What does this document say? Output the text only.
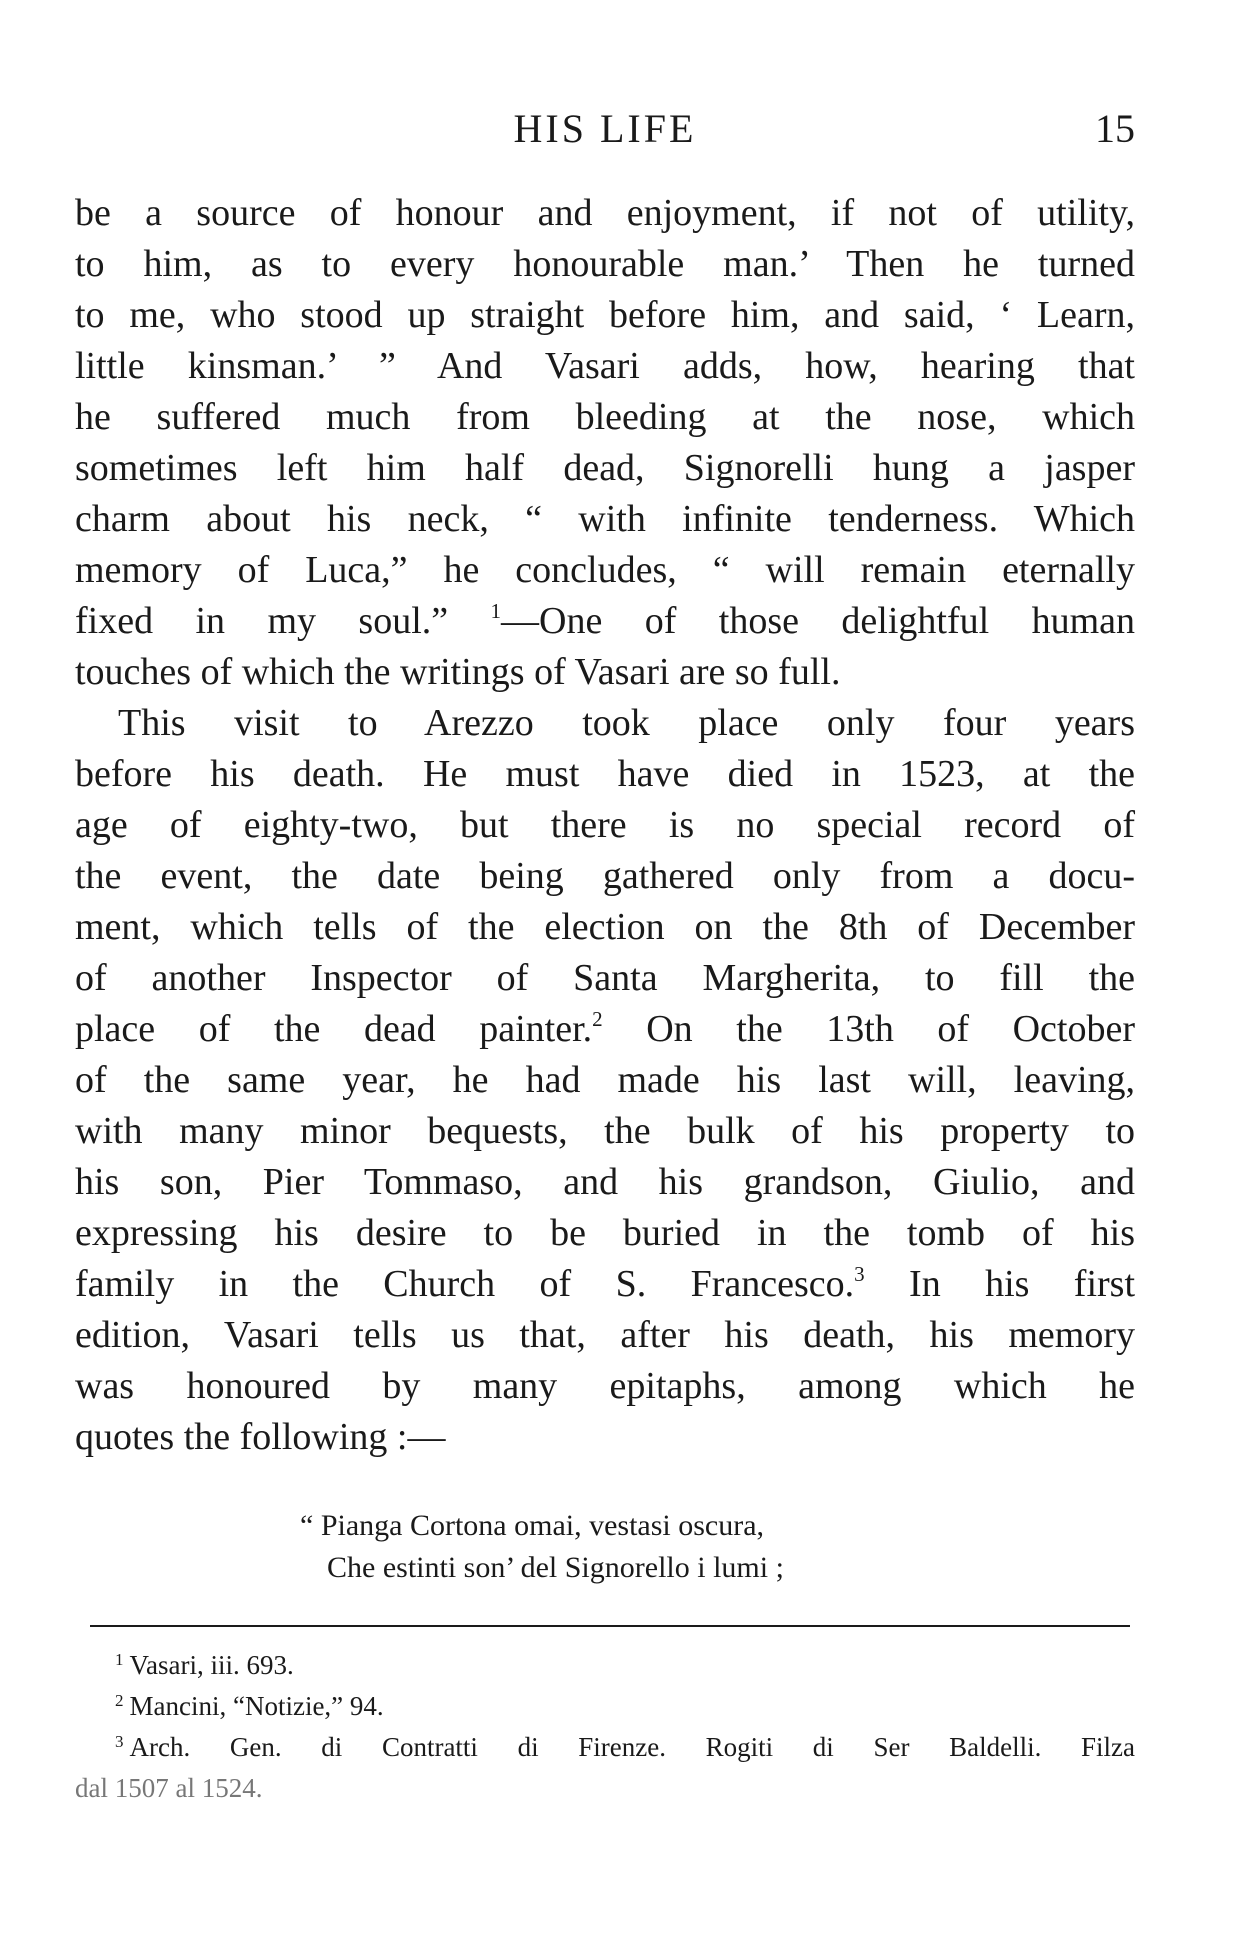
HIS LIFE	15
be a source of honour and enjoyment, if not of utility,
to him, as to every honourable man.’ Then he turned
to me, who stood up straight before him, and said, ‘ Learn,
little kinsman.’ ” And Vasari adds, how, hearing that
he suffered much from bleeding at the nose, which
sometimes left him half dead, Signorelli hung a jasper
charm about his neck, “ with infinite tenderness. Which
memory of Luca,” he concludes, “ will remain eternally
fixed in my soul.” $^1$—One of those delightful human
touches of which the writings of Vasari are so full.
This visit to Arezzo took place only four years
before his death. He must have died in 1523, at the
age of eighty-two, but there is no special record of
the event, the date being gathered only from a docu-
ment, which tells of the election on the 8th of December
of another Inspector of Santa Margherita, to fill the
place of the dead painter.$^2$ On the 13th of October
of the same year, he had made his last will, leaving,
with many minor bequests, the bulk of his property to
his son, Pier Tommaso, and his grandson, Giulio, and
expressing his desire to be buried in the tomb of his
family in the Church of S. Francesco.$^3$ In his first
edition, Vasari tells us that, after his death, his memory
was honoured by many epitaphs, among which he
quotes the following :—
“ Pianga Cortona omai, vestasi oscura,
Che estinti son’ del Signorello i lumi ;
$^1$ Vasari, iii. 693.
$^2$ Mancini, “Notizie,” 94.
$^3$ Arch. Gen. di Contratti di Firenze. Rogiti di Ser Baldelli. Filza
dal 1507 al 1524.
